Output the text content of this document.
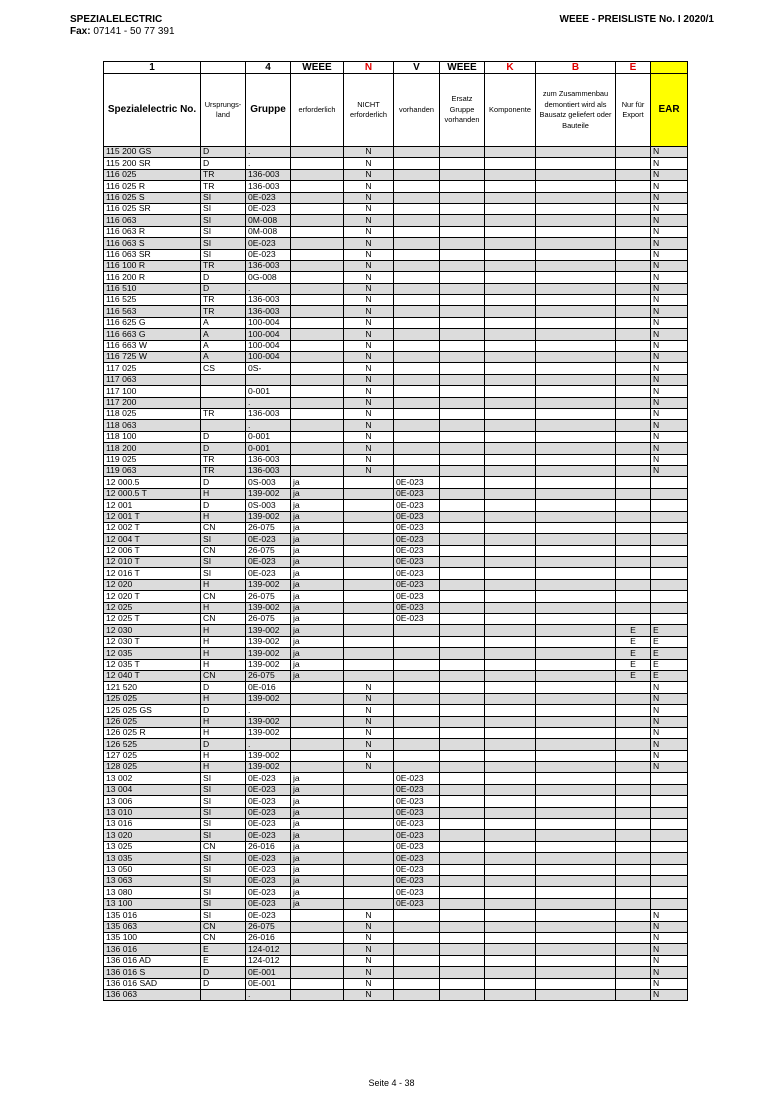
SPEZIALELECTRIC
Fax: 07141 - 50 77 391
WEEE - PREISLISTE No. I 2020/1
1		4	WEEE	N	V	WEEE	K	B	E	
Spezialelectric No.	Ursprungs-land	Gruppe	erforderlich	NICHT erforderlich	vorhanden	Ersatz Gruppe vorhanden	Komponente	zum Zusammenbau demontiert wird als Bausatz geliefert oder Bauteile	Nur für Export	EAR
115 200 GS	D	.		N						N
115 200 SR	D	.		N						N
116 025	TR	136-003		N						N
116 025 R	TR	136-003		N						N
116 025 S	SI	0E-023		N						N
116 025 SR	SI	0E-023		N						N
116 063	SI	0M-008		N						N
116 063 R	SI	0M-008		N						N
116 063 S	SI	0E-023		N						N
116 063 SR	SI	0E-023		N						N
116 100 R	TR	136-003		N						N
116 200 R	D	0G-008		N						N
116 510	D	.		N						N
116 525	TR	136-003		N						N
116 563	TR	136-003		N						N
116 625 G	A	100-004		N						N
116 663 G	A	100-004		N						N
116 663 W	A	100-004		N						N
116 725 W	A	100-004		N						N
117 025	CS	0S-		N						N
117 063				N						N
117 100		0-001		N						N
117 200		.		N						N
118 025	TR	136-003		N						N
118 063		.		N						N
118 100	D	0-001		N						N
118 200	D	0-001		N						N
119 025	TR	136-003		N						N
119 063	TR	136-003		N						N
12 000.5	D	0S-003	ja		0E-023					
12 000.5 T	H	139-002	ja		0E-023					
12 001	D	0S-003	ja		0E-023					
12 001 T	H	139-002	ja		0E-023					
12 002 T	CN	26-075	ja		0E-023					
12 004 T	SI	0E-023	ja		0E-023					
12 006 T	CN	26-075	ja		0E-023					
12 010 T	SI	0E-023	ja		0E-023					
12 016 T	SI	0E-023	ja		0E-023					
12 020	H	139-002	ja		0E-023					
12 020 T	CN	26-075	ja		0E-023					
12 025	H	139-002	ja		0E-023					
12 025 T	CN	26-075	ja		0E-023					
12 030	H	139-002	ja						E	E
12 030 T	H	139-002	ja						E	E
12 035	H	139-002	ja						E	E
12 035 T	H	139-002	ja						E	E
12 040 T	CN	26-075	ja						E	E
121 520	D	0E-016		N						N
125 025	H	139-002		N						N
125 025 GS	D	.		N						N
126 025	H	139-002		N						N
126 025 R	H	139-002		N						N
126 525	D	.		N						N
127 025	H	139-002		N						N
128 025	H	139-002		N						N
13 002	SI	0E-023	ja		0E-023					
13 004	SI	0E-023	ja		0E-023					
13 006	SI	0E-023	ja		0E-023					
13 010	SI	0E-023	ja		0E-023					
13 016	SI	0E-023	ja		0E-023					
13 020	SI	0E-023	ja		0E-023					
13 025	CN	26-016	ja		0E-023					
13 035	SI	0E-023	ja		0E-023					
13 050	SI	0E-023	ja		0E-023					
13 063	SI	0E-023	ja		0E-023					
13 080	SI	0E-023	ja		0E-023					
13 100	SI	0E-023	ja		0E-023					
135 016	SI	0E-023		N						N
135 063	CN	26-075		N						N
135 100	CN	26-016		N						N
136 016	E	124-012		N						N
136 016 AD	E	124-012		N						N
136 016 S	D	0E-001		N						N
136 016 SAD	D	0E-001		N						N
136 063		.		N						N
Seite 4 - 38
